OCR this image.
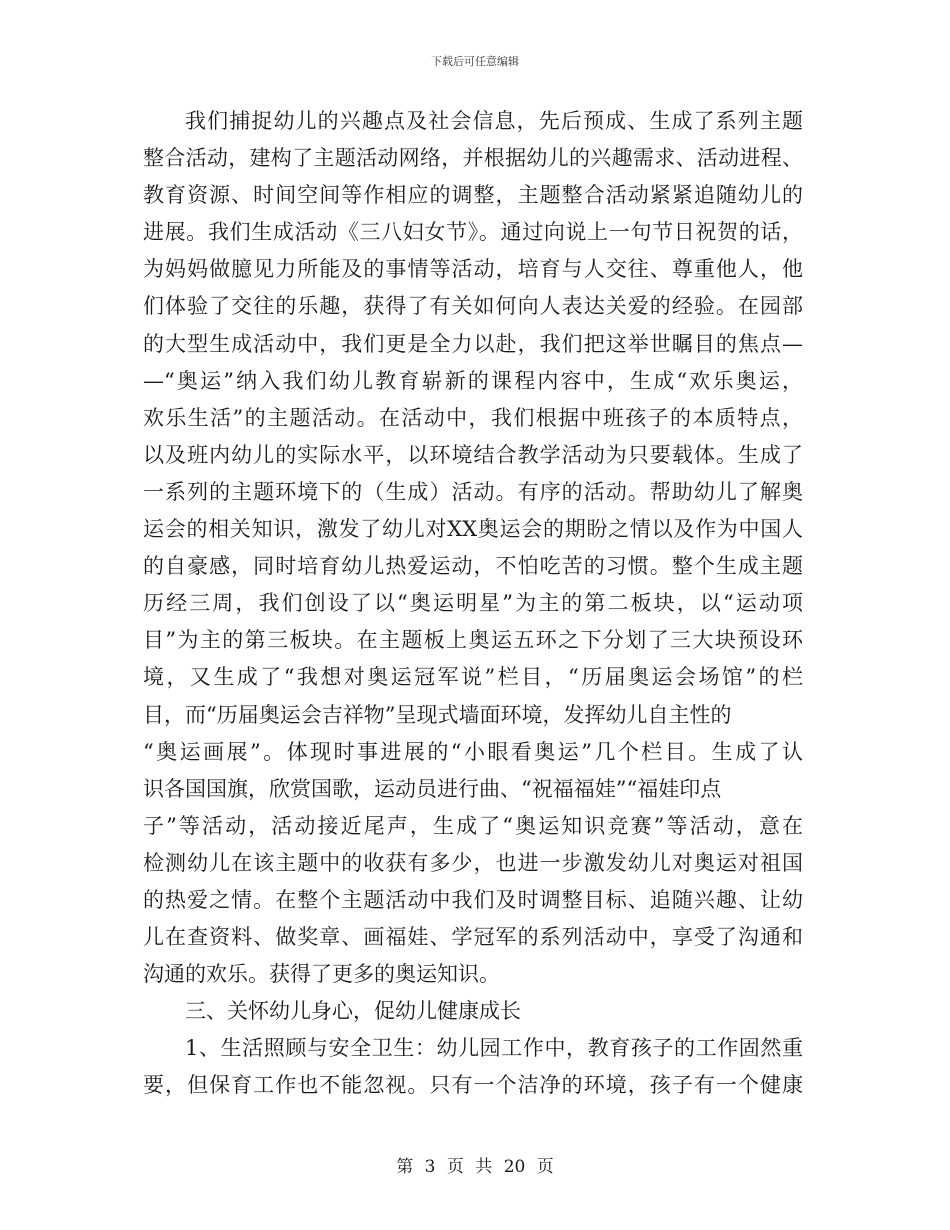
下载后可任意编辑
我们捕捉幼儿的兴趣点及社会信息，先后预成、生成了系列主题
整合活动，建构了主题活动网络，并根据幼儿的兴趣需求、活动进程、
教育资源、时间空间等作相应的调整，主题整合活动紧紧追随幼儿的
进展。我们生成活动《三八妇女节》。通过向说上一句节日祝贺的话，
为妈妈做臆见力所能及的事情等活动，培育与人交往、尊重他人，他
们体验了交往的乐趣，获得了有关如何向人表达关爱的经验。在园部
的大型生成活动中，我们更是全力以赴，我们把这举世瞩目的焦点—
—“奥运”纳入我们幼儿教育崭新的课程内容中，生成“欢乐奥运，
欢乐生活”的主题活动。在活动中，我们根据中班孩子的本质特点，
以及班内幼儿的实际水平，以环境结合教学活动为只要载体。生成了
一系列的主题环境下的（生成）活动。有序的活动。帮助幼儿了解奥
运会的相关知识，激发了幼儿对XX奥运会的期盼之情以及作为中国人
的自豪感，同时培育幼儿热爱运动，不怕吃苦的习惯。整个生成主题
历经三周，我们创设了以“奥运明星”为主的第二板块，以“运动项
目”为主的第三板块。在主题板上奥运五环之下分划了三大块预设环
境，又生成了“我想对奥运冠军说”栏目，“历届奥运会场馆”的栏
目，而“历届奥运会吉祥物”呈现式墙面环境，发挥幼儿自主性的
“奥运画展”。体现时事进展的“小眼看奥运”几个栏目。生成了认
识各国国旗，欣赏国歌，运动员进行曲、“祝福福娃”“福娃印点
子”等活动，活动接近尾声，生成了“奥运知识竞赛”等活动，意在
检测幼儿在该主题中的收获有多少，也进一步激发幼儿对奥运对祖国
的热爱之情。在整个主题活动中我们及时调整目标、追随兴趣、让幼
儿在查资料、做奖章、画福娃、学冠军的系列活动中，享受了沟通和
沟通的欢乐。获得了更多的奥运知识。
三、关怀幼儿身心，促幼儿健康成长
1、生活照顾与安全卫生：幼儿园工作中，教育孩子的工作固然重
要，但保育工作也不能忽视。只有一个洁净的环境，孩子有一个健康
第 3 页 共 20 页
